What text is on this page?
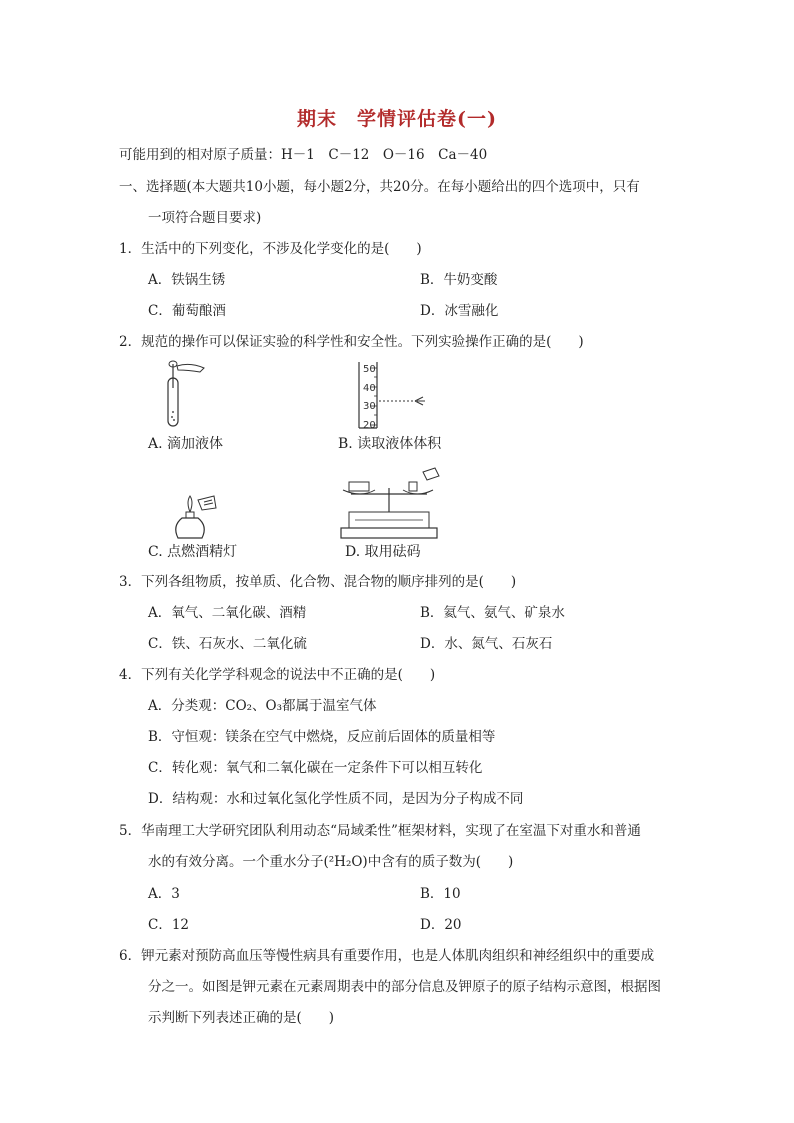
期末　学情评估卷(一)
可能用到的相对原子质量：H－1　C－12　O－16　Ca－40
一、选择题(本大题共10小题，每小题2分，共20分。在每小题给出的四个选项中，只有
一项符合题目要求)
1．生活中的下列变化，不涉及化学变化的是(　　)
A．铁锅生锈	B．牛奶变酸
C．葡萄酿酒	D．冰雪融化
2．规范的操作可以保证实验的科学性和安全性。下列实验操作正确的是(　　)
A. 滴加液体
50
40
30
20
B. 读取液体体积
C. 点燃酒精灯	D. 取用砝码
3．下列各组物质，按单质、化合物、混合物的顺序排列的是(　　)
A．氧气、二氧化碳、酒精	B．氦气、氨气、矿泉水
C．铁、石灰水、二氧化硫	D．水、氮气、石灰石
4．下列有关化学学科观念的说法中不正确的是(　　)
A．分类观：CO₂、O₃都属于温室气体
B．守恒观：镁条在空气中燃烧，反应前后固体的质量相等
C．转化观：氧气和二氧化碳在一定条件下可以相互转化
D．结构观：水和过氧化氢化学性质不同，是因为分子构成不同
5．华南理工大学研究团队利用动态“局域柔性”框架材料，实现了在室温下对重水和普通
水的有效分离。一个重水分子(²H₂O)中含有的质子数为(　　)
A．3	B．10
C．12	D．20
6．钾元素对预防高血压等慢性病具有重要作用，也是人体肌肉组织和神经组织中的重要成
分之一。如图是钾元素在元素周期表中的部分信息及钾原子的原子结构示意图，根据图
示判断下列表述正确的是(　　)
